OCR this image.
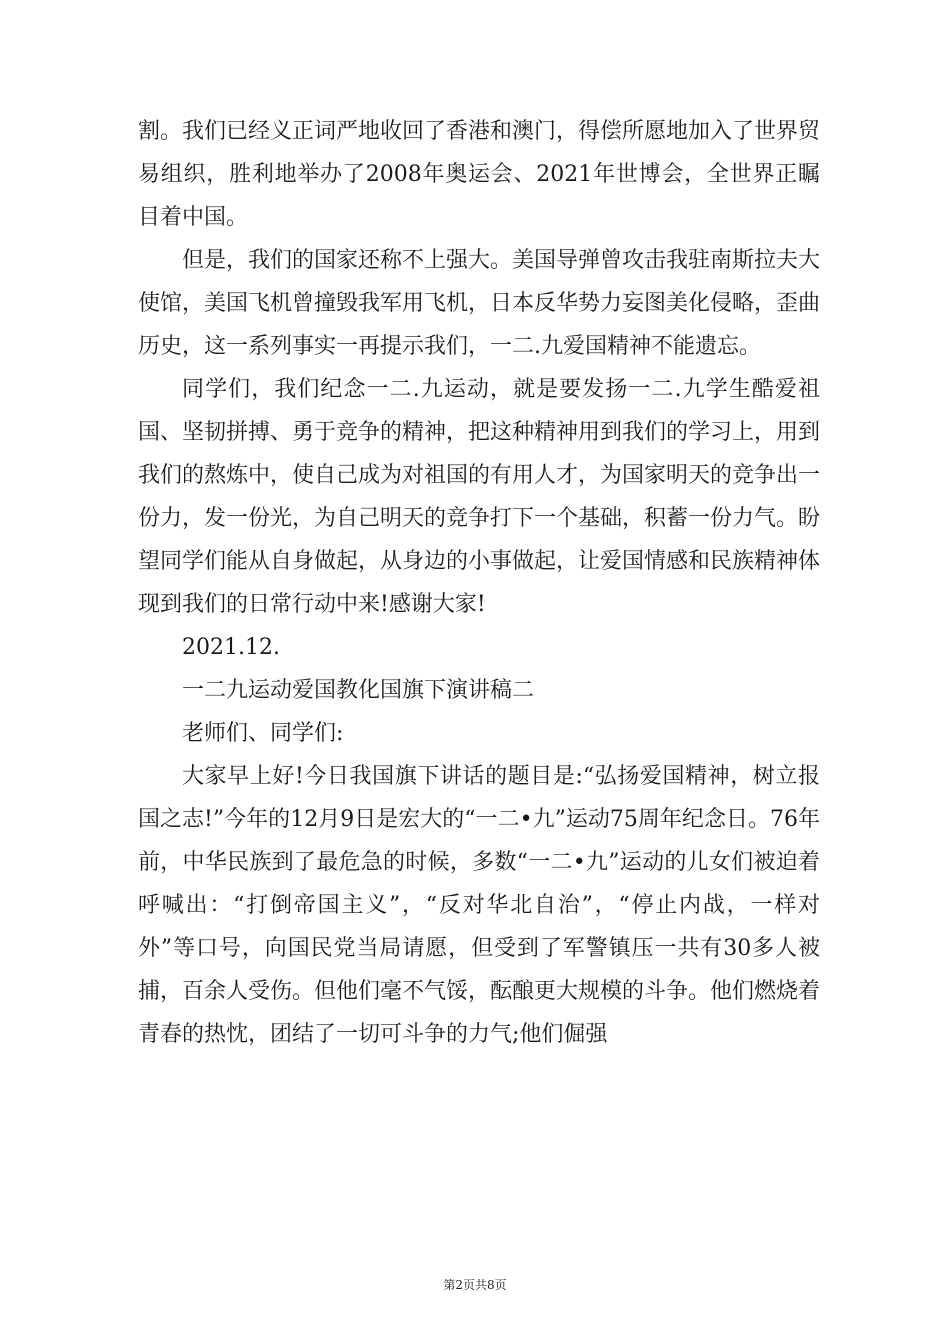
割。我们已经义正词严地收回了香港和澳门，得偿所愿地加入了世界贸易组织，胜利地举办了2008年奥运会、2021年世博会，全世界正瞩目着中国。

但是，我们的国家还称不上强大。美国导弹曾攻击我驻南斯拉夫大使馆，美国飞机曾撞毁我军用飞机，日本反华势力妄图美化侵略，歪曲历史，这一系列事实一再提示我们，一二.九爱国精神不能遗忘。

同学们，我们纪念一二.九运动，就是要发扬一二.九学生酷爱祖国、坚韧拼搏、勇于竞争的精神，把这种精神用到我们的学习上，用到我们的熬炼中，使自己成为对祖国的有用人才，为国家明天的竞争出一份力，发一份光，为自己明天的竞争打下一个基础，积蓄一份力气。盼望同学们能从自身做起，从身边的小事做起，让爱国情感和民族精神体现到我们的日常行动中来!感谢大家!

2021.12.

一二九运动爱国教化国旗下演讲稿二

老师们、同学们:

大家早上好!今日我国旗下讲话的题目是:“弘扬爱国精神，树立报国之志!”今年的12月9日是宏大的“一二•九”运动75周年纪念日。76年前，中华民族到了最危急的时候，多数“一二•九”运动的儿女们被迫着呼喊出：“打倒帝国主义”，“反对华北自治”，“停止内战，一样对外”等口号，向国民党当局请愿，但受到了军警镇压一共有30多人被捕，百余人受伤。但他们毫不气馁，酝酿更大规模的斗争。他们燃烧着青春的热忱，团结了一切可斗争的力气;他们倔强

第2页共8页
